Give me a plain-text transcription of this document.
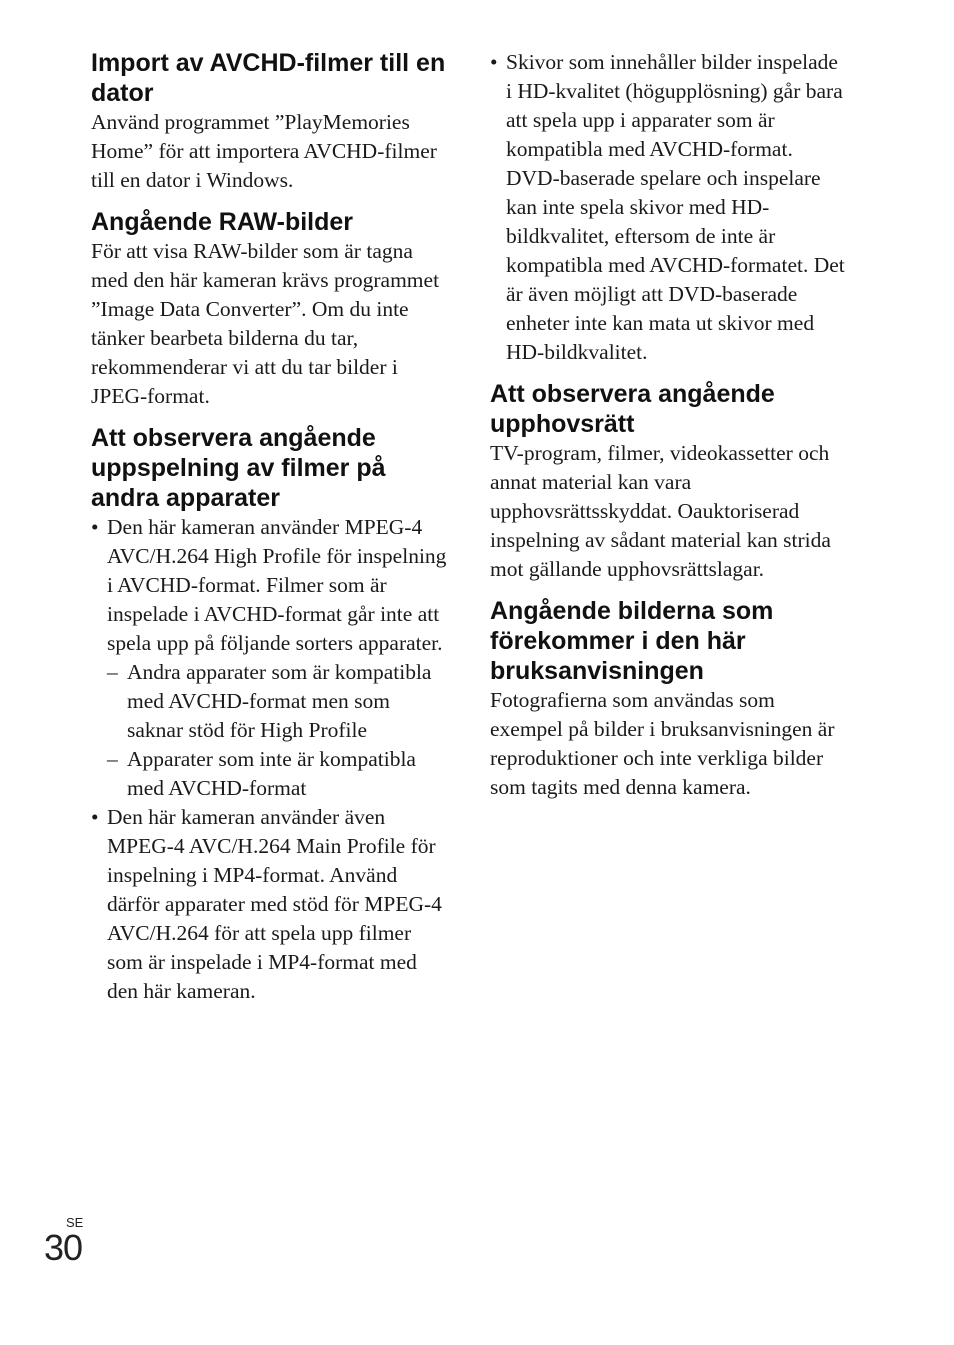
Import av AVCHD-filmer till en dator

Använd programmet ”PlayMemories Home” för att importera AVCHD-filmer till en dator i Windows.

Angående RAW-bilder

För att visa RAW-bilder som är tagna med den här kameran krävs programmet ”Image Data Converter”. Om du inte tänker bearbeta bilderna du tar, rekommenderar vi att du tar bilder i JPEG-format.

Att observera angående uppspelning av filmer på andra apparater
• Den här kameran använder MPEG-4 AVC/H.264 High Profile för inspelning i AVCHD-format. Filmer som är inspelade i AVCHD-format går inte att spela upp på följande sorters apparater.
– Andra apparater som är kompatibla med AVCHD-format men som saknar stöd för High Profile
– Apparater som inte är kompatibla med AVCHD-format
• Den här kameran använder även MPEG-4 AVC/H.264 Main Profile för inspelning i MP4-format. Använd därför apparater med stöd för MPEG-4 AVC/H.264 för att spela upp filmer som är inspelade i MP4-format med den här kameran.
• Skivor som innehåller bilder inspelade i HD-kvalitet (högupplösning) går bara att spela upp i apparater som är kompatibla med AVCHD-format. DVD-baserade spelare och inspelare kan inte spela skivor med HD-bildkvalitet, eftersom de inte är kompatibla med AVCHD-formatet. Det är även möjligt att DVD-baserade enheter inte kan mata ut skivor med HD-bildkvalitet.
Att observera angående upphovsrätt

TV-program, filmer, videokassetter och annat material kan vara upphovsrättsskyddat. Oauktoriserad inspelning av sådant material kan strida mot gällande upphovsrättslagar.

Angående bilderna som förekommer i den här bruksanvisningen

Fotografierna som användas som exempel på bilder i bruksanvisningen är reproduktioner och inte verkliga bilder som tagits med denna kamera.

SE
30
